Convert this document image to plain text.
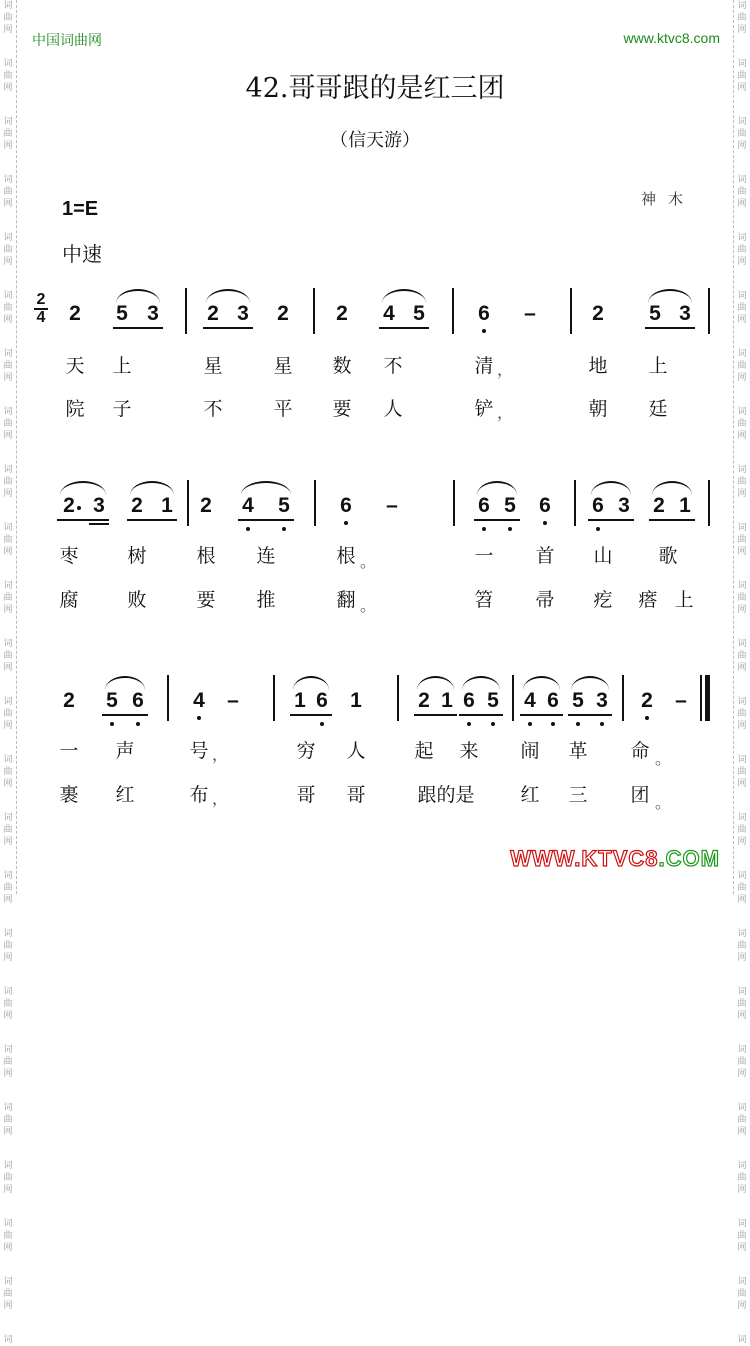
词
曲
网
词
曲
网
词
曲
网
词
曲
网
词
曲
网
词
曲
网
词
曲
网
词
曲
网
词
曲
网
词
曲
网
词
曲
网
词
曲
网
词
曲
网
词
曲
网
词
曲
网
词
曲
网
词
曲
网
词
曲
网
词
曲
网
词
曲
网
词
曲
网
词
曲
网
词
曲
网
词
词
曲
网
词
曲
网
词
曲
网
词
曲
网
词
曲
网
词
曲
网
词
曲
网
词
曲
网
词
曲
网
词
曲
网
词
曲
网
词
曲
网
词
曲
网
词
曲
网
词
曲
网
词
曲
网
词
曲
网
词
曲
网
词
曲
网
词
曲
网
词
曲
网
词
曲
网
词
曲
网
词
中国词曲网	www.ktvc8.com
42.哥哥跟的是红三团
（信天游）
神木
1=E
中速
2
4 2 5 3 2 3 2 2 4 5	6 –	2 5 3
天 上	星	星 数 不	清 ，	地 上
院 子	不	平 要 人	铲 ，	朝 廷
2 3 2 1 2 4 5 6 –	6 5 6 6 3 2 1
枣	树	根 连	根 。	一 首 山 歌
腐	败	要 推	翻 。	笤 帚 疙 瘩 上
2 5 6 4 –	1 6 1	2 1 6 5 4 6 5 3 2 –
一 声	号 ，	穷 人	起 来 闹 革 命 。
裹 红	布 ，	哥 哥	跟的是	红 三 团 。
WWW.KTVC8.COM
